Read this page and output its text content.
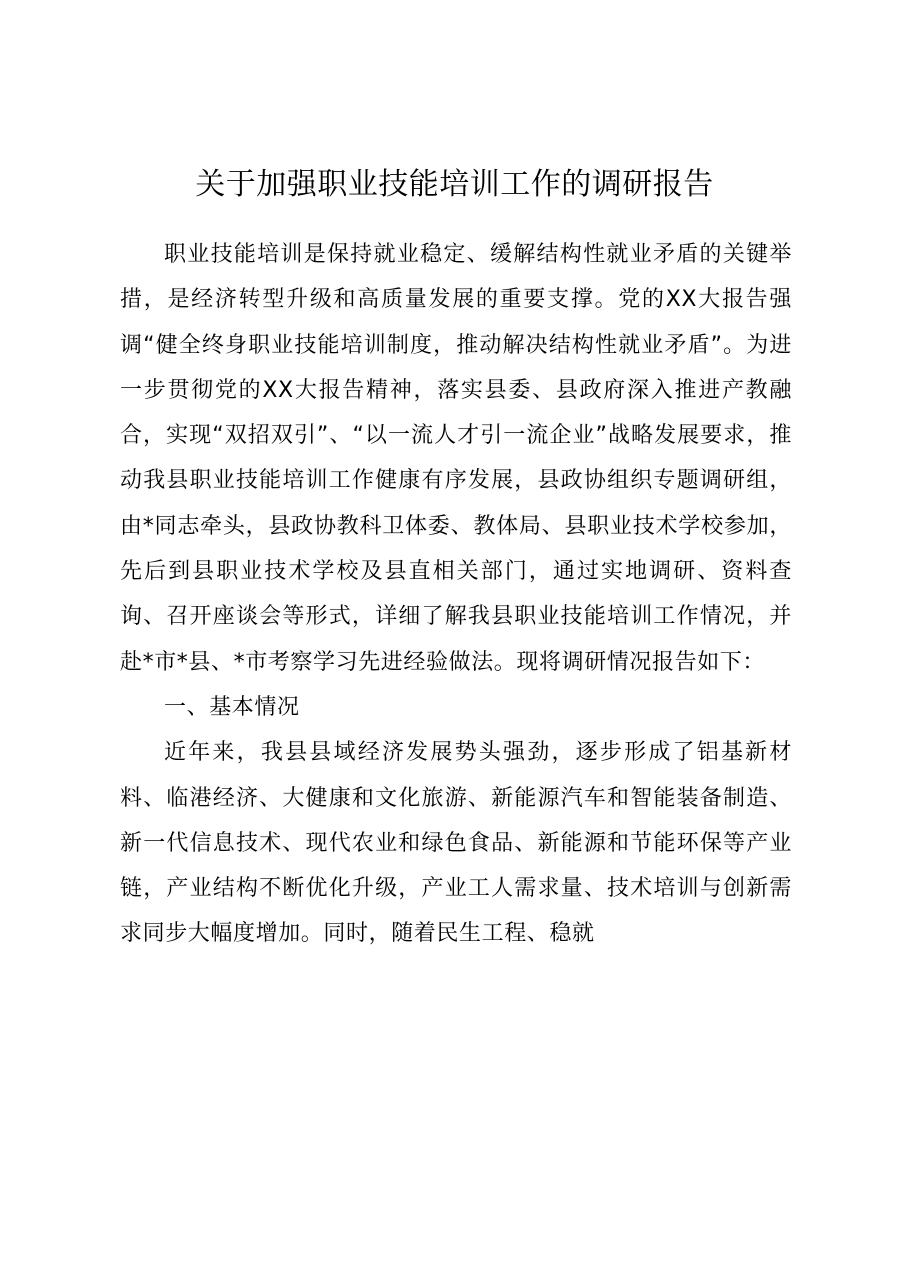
关于加强职业技能培训工作的调研报告

职业技能培训是保持就业稳定、缓解结构性就业矛盾的关键举措，是经济转型升级和高质量发展的重要支撑。党的XX大报告强调“健全终身职业技能培训制度，推动解决结构性就业矛盾”。为进一步贯彻党的XX大报告精神，落实县委、县政府深入推进产教融合，实现“双招双引”、“以一流人才引一流企业”战略发展要求，推动我县职业技能培训工作健康有序发展，县政协组织专题调研组，由*同志牵头，县政协教科卫体委、教体局、县职业技术学校参加，先后到县职业技术学校及县直相关部门，通过实地调研、资料查询、召开座谈会等形式，详细了解我县职业技能培训工作情况，并赴*市*县、*市考察学习先进经验做法。现将调研情况报告如下：

一、基本情况

近年来，我县县域经济发展势头强劲，逐步形成了铝基新材料、临港经济、大健康和文化旅游、新能源汽车和智能装备制造、新一代信息技术、现代农业和绿色食品、新能源和节能环保等产业链，产业结构不断优化升级，产业工人需求量、技术培训与创新需求同步大幅度增加。同时，随着民生工程、稳就
